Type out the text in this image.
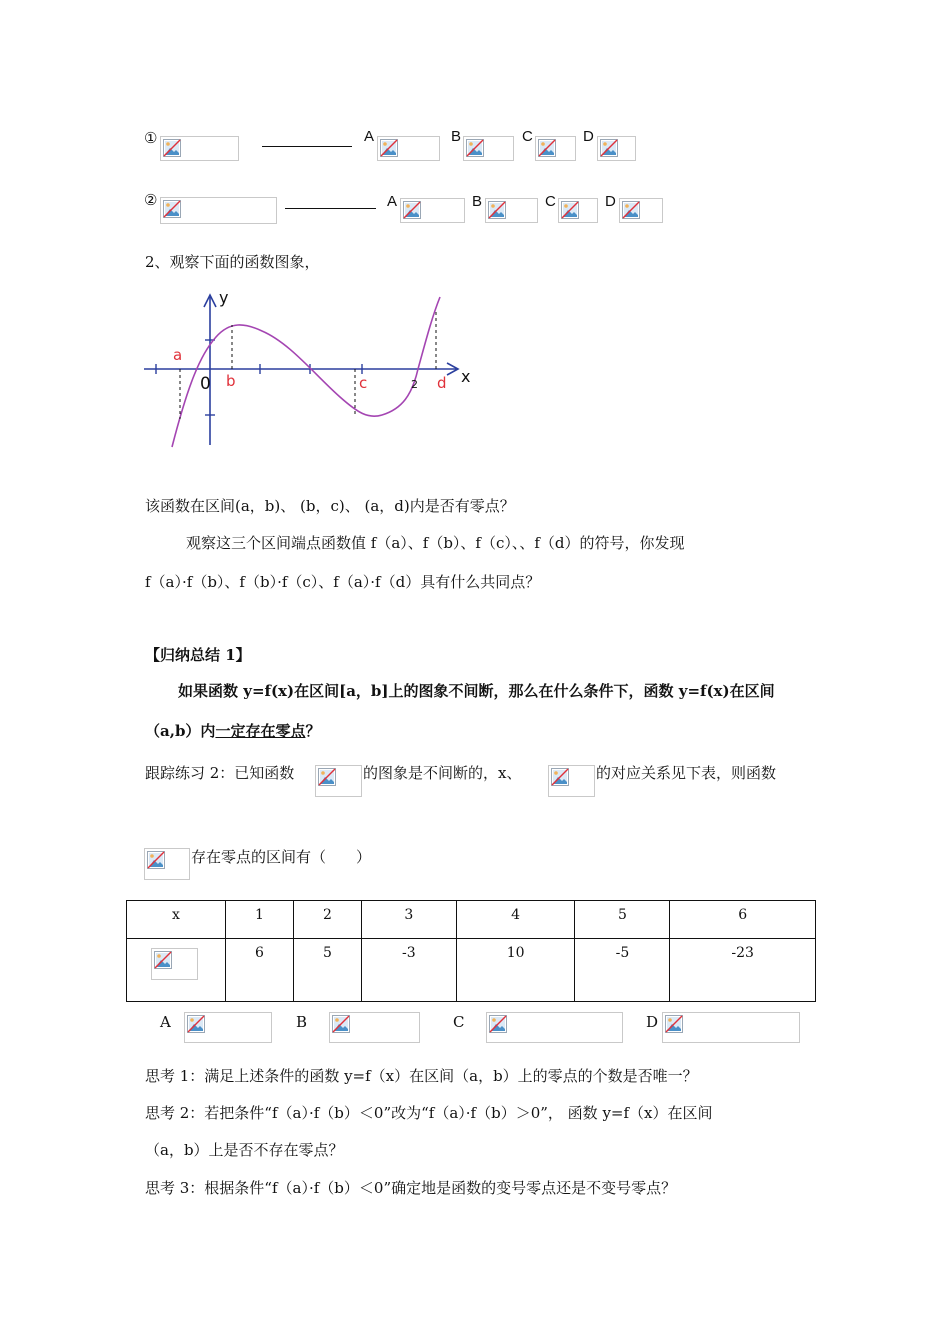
①	A	B	C	D
②	A	B	C	D
2、观察下面的函数图象，
x
y
0
a
b	c	2 d
该函数在区间(a，b)、 (b，c)、 (a，d)内是否有零点？
观察这三个区间端点函数值 f（a）、f（b）、f（c）、、f（d）的符号，你发现
f（a）·f（b）、f（b）·f（c）、f（a）·f（d）具有什么共同点？
【归纳总结 1】
如果函数 y=f(x)在区间[a，b]上的图象不间断，那么在什么条件下，函数 y=f(x)在区间
（a,b）内一定存在零点？
跟踪练习 2：已知函数	的图象是不间断的，x、	的对应关系见下表，则函数
存在零点的区间有（　　）
x	1	2	3	4	5	6

	6	5	-3	10	-5	-23
A	B	C	D
思考 1：满足上述条件的函数 y=f（x）在区间（a，b）上的零点的个数是否唯一？
思考 2：若把条件“f（a）·f（b）＜0”改为“f（a）·f（b）＞0”， 函数 y=f（x）在区间
（a，b）上是否不存在零点？
思考 3：根据条件“f（a）·f（b）＜0”确定地是函数的变号零点还是不变号零点？
